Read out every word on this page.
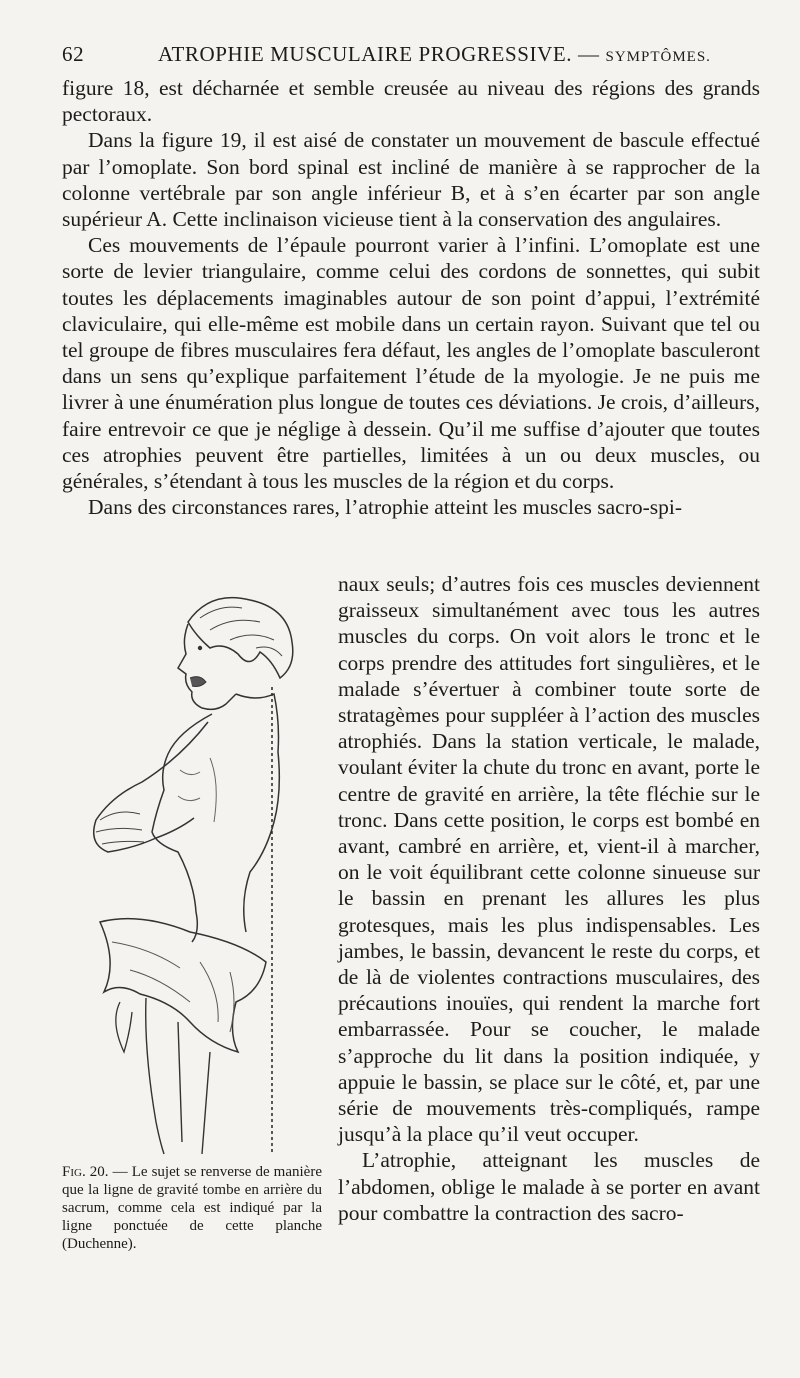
62	ATROPHIE MUSCULAIRE PROGRESSIVE. — SYMPTÔMES.

figure 18, est décharnée et semble creusée au niveau des régions des grands pectoraux.

Dans la figure 19, il est aisé de constater un mouvement de bascule effectué par l’omoplate. Son bord spinal est incliné de manière à se rapprocher de la colonne vertébrale par son angle inférieur B, et à s’en écarter par son angle supérieur A. Cette inclinaison vicieuse tient à la conservation des angulaires.

Ces mouvements de l’épaule pourront varier à l’infini. L’omoplate est une sorte de levier triangulaire, comme celui des cordons de sonnettes, qui subit toutes les déplacements imaginables autour de son point d’appui, l’extrémité claviculaire, qui elle-même est mobile dans un certain rayon. Suivant que tel ou tel groupe de fibres musculaires fera défaut, les angles de l’omoplate basculeront dans un sens qu’explique parfaitement l’étude de la myologie. Je ne puis me livrer à une énumération plus longue de toutes ces déviations. Je crois, d’ailleurs, faire entrevoir ce que je néglige à dessein. Qu’il me suffise d’ajouter que toutes ces atrophies peuvent être partielles, limitées à un ou deux muscles, ou générales, s’étendant à tous les muscles de la région et du corps.

Dans des circonstances rares, l’atrophie atteint les muscles sacro-spi-

Fig. 20. — Le sujet se renverse de manière que la ligne de gravité tombe en arrière du sacrum, comme cela est indiqué par la ligne ponctuée de cette planche (Duchenne).

naux seuls; d’autres fois ces muscles deviennent graisseux simultanément avec tous les autres muscles du corps. On voit alors le tronc et le corps prendre des attitudes fort singulières, et le malade s’évertuer à combiner toute sorte de stratagèmes pour suppléer à l’action des muscles atrophiés. Dans la station verticale, le malade, voulant éviter la chute du tronc en avant, porte le centre de gravité en arrière, la tête fléchie sur le tronc. Dans cette position, le corps est bombé en avant, cambré en arrière, et, vient-il à marcher, on le voit équilibrant cette colonne sinueuse sur le bassin en prenant les allures les plus grotesques, mais les plus indispensables. Les jambes, le bassin, devancent le reste du corps, et de là de violentes contractions musculaires, des précautions inouïes, qui rendent la marche fort embarrassée. Pour se coucher, le malade s’approche du lit dans la position indiquée, y appuie le bassin, se place sur le côté, et, par une série de mouvements très-compliqués, rampe jusqu’à la place qu’il veut occuper.

L’atrophie, atteignant les muscles de l’abdomen, oblige le malade à se porter en avant pour combattre la contraction des sacro-
